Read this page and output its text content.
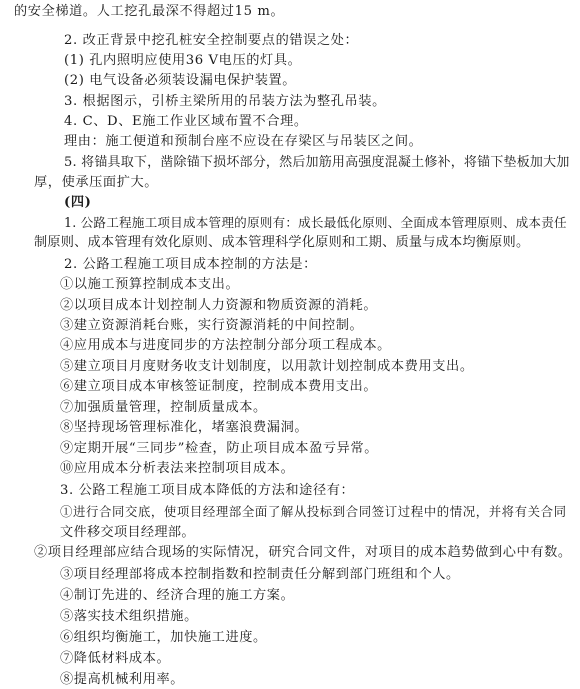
的安全梯道。人工挖孔最深不得超过15 m。
2. 改正背景中挖孔桩安全控制要点的错误之处：
(1) 孔内照明应使用36 V电压的灯具。
(2) 电气设备必须装设漏电保护装置。
3. 根据图示，引桥主梁所用的吊装方法为整孔吊装。
4. C、D、E施工作业区域布置不合理。
理由：施工便道和预制台座不应设在存梁区与吊装区之间。
5. 将锚具取下，凿除锚下损坏部分，然后加筋用高强度混凝土修补，将锚下垫板加大加
厚，使承压面扩大。
(四)
1. 公路工程施工项目成本管理的原则有：成长最低化原则、全面成本管理原则、成本责任
制原则、成本管理有效化原则、成本管理科学化原则和工期、质量与成本均衡原则。
2. 公路工程施工项目成本控制的方法是：
①以施工预算控制成本支出。
②以项目成本计划控制人力资源和物质资源的消耗。
③建立资源消耗台账，实行资源消耗的中间控制。
④应用成本与进度同步的方法控制分部分项工程成本。
⑤建立项目月度财务收支计划制度，以用款计划控制成本费用支出。
⑥建立项目成本审核签证制度，控制成本费用支出。
⑦加强质量管理，控制质量成本。
⑧坚持现场管理标准化，堵塞浪费漏洞。
⑨定期开展“三同步”检查，防止项目成本盈亏异常。
⑩应用成本分析表法来控制项目成本。
3. 公路工程施工项目成本降低的方法和途径有：
①进行合同交底，使项目经理部全面了解从投标到合同签订过程中的情况，并将有关合同
文件移交项目经理部。
②项目经理部应结合现场的实际情况，研究合同文件，对项目的成本趋势做到心中有数。
③项目经理部将成本控制指数和控制责任分解到部门班组和个人。
④制订先进的、经济合理的施工方案。
⑤落实技术组织措施。
⑥组织均衡施工，加快施工进度。
⑦降低材料成本。
⑧提高机械利用率。
